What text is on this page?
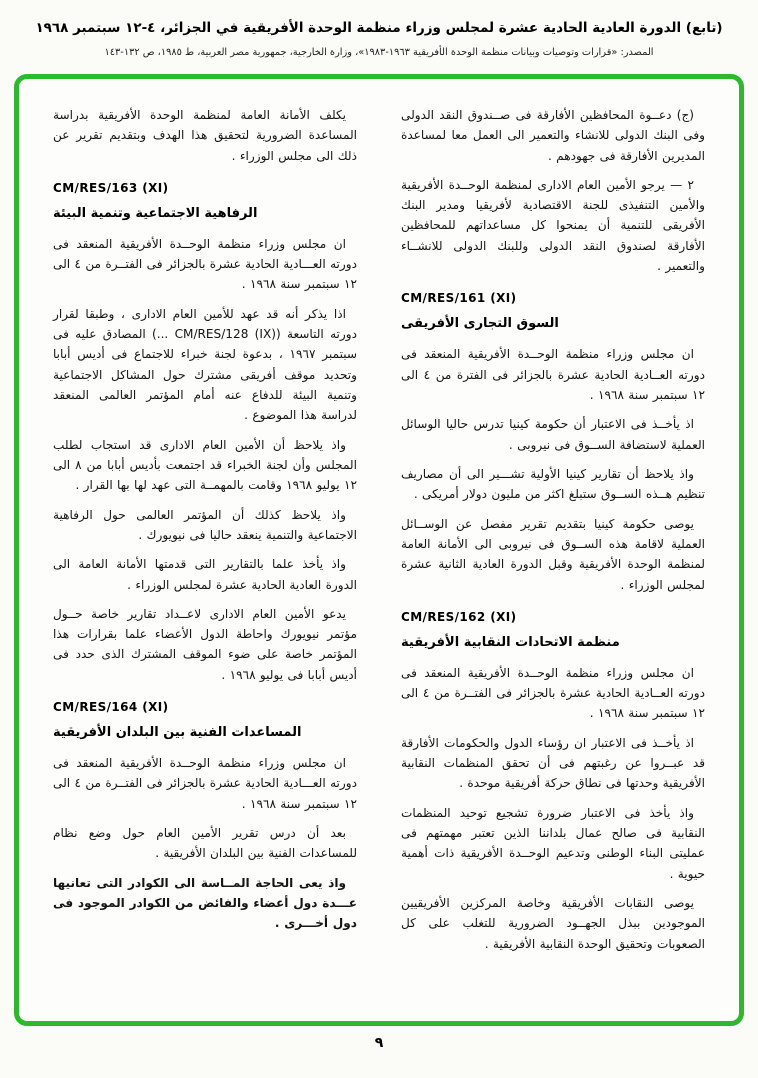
(تابع) الدورة العادية الحادية عشرة لمجلس وزراء منظمة الوحدة الأفريقية في الجزائر، ٤-١٢ سبتمبر ١٩٦٨
المصدر: «قرارات وتوصيات وبيانات منظمة الوحدة الأفريقية ١٩٦٣-١٩٨٣»، وزارة الخارجية، جمهورية مصر العربية، ط ١٩٨٥، ص ١٣٢-١٤٣
(ج) دعــوة المحافظين الأفارقة فى صــندوق النقد الدولى وفى البنك الدولى للانشاء والتعمير الى العمل معا لمساعدة المديرين الأفارقة فى جهودهم .
٢ — يرجو الأمين العام الادارى لمنظمة الوحــدة الأفريقية والأمين التنفيذى للجنة الاقتصادية لأفريقيا ومدير البنك الأفريقى للتنمية أن يمنحوا كل مساعداتهم للمحافظين الأفارقة لصندوق النقد الدولى وللبنك الدولى للانشــاء والتعمير .
CM/RES/161 (XI)
السوق التجارى الأفريقى
ان مجلس وزراء منظمة الوحــدة الأفريقية المنعقد فى دورته العــادية الحادية عشرة بالجزائر فى الفترة من ٤ الى ١٢ سبتمبر سنة ١٩٦٨ .
اذ يأخــذ فى الاعتبار أن حكومة كينيا تدرس حاليا الوسائل العملية لاستضافة الســوق فى نيروبى .
واذ يلاحظ أن تقارير كينيا الأولية تشـــير الى أن مصاريف تنظيم هــذه الســوق ستبلغ اكثر من مليون دولار أمريكى .
يوصى حكومة كينيا بتقديم تقرير مفصل عن الوســائل العملية لاقامة هذه الســوق فى نيروبى الى الأمانة العامة لمنظمة الوحدة الأفريقية وقبل الدورة العادية الثانية عشرة لمجلس الوزراء .
CM/RES/162 (XI)
منظمة الاتحادات النقابية الأفريقية
ان مجلس وزراء منظمة الوحــدة الأفريقية المنعقد فى دورته العــادية الحادية عشرة بالجزائر فى الفتــرة من ٤ الى ١٢ سبتمبر سنة ١٩٦٨ .
اذ يأخــذ فى الاعتبار ان رؤساء الدول والحكومات الأفارقة قد عبــروا عن رغبتهم فى أن تحقق المنظمات النقابية الأفريقية وحدتها فى نطاق حركة أفريقية موحدة .
واذ يأخذ فى الاعتبار ضرورة تشجيع توحيد المنظمات النقابية فى صالح عمال بلداننا الذين تعتبر مهمتهم فى عمليتى البناء الوطنى وتدعيم الوحــدة الأفريقية ذات أهمية حيوية .
يوصى النقابات الأفريقية وخاصة المركزين الأفريقيين الموجودين ببذل الجهــود الضرورية للتغلب على كل الصعوبات وتحقيق الوحدة النقابية الأفريقية .
يكلف الأمانة العامة لمنظمة الوحدة الأفريقية بدراسة المساعدة الضرورية لتحقيق هذا الهدف وبتقديم تقرير عن ذلك الى مجلس الوزراء .
CM/RES/163 (XI)
الرفاهية الاجتماعية وتنمية البيئة
ان مجلس وزراء منظمة الوحــدة الأفريقية المنعقد فى دورته العـــادية الحادية عشرة بالجزائر فى الفتــرة من ٤ الى ١٢ سبتمبر سنة ١٩٦٨ .
اذا يذكر أنه قد عهد للأمين العام الادارى ، وطبقا لقرار دورته التاسعة (CM/RES/128 (IX) ...) المصادق عليه فى سبتمبر ١٩٦٧ ، بدعوة لجنة خبراء للاجتماع فى أديس أبابا وتحديد موقف أفريقى مشترك حول المشاكل الاجتماعية وتنمية البيئة للدفاع عنه أمام المؤتمر العالمى المنعقد لدراسة هذا الموضوع .
واذ يلاحظ أن الأمين العام الادارى قد استجاب لطلب المجلس وأن لجنة الخبراء قد اجتمعت بأديس أبابا من ٨ الى ١٢ يوليو ١٩٦٨ وقامت بالمهمــة التى عهد لها بها القرار .
واذ يلاحظ كذلك أن المؤتمر العالمى حول الرفاهية الاجتماعية والتنمية ينعقد حاليا فى نيويورك .
واذ يأخذ علما بالتقارير التى قدمتها الأمانة العامة الى الدورة العادية الحادية عشرة لمجلس الوزراء .
يدعو الأمين العام الادارى لاعــداد تقارير خاصة حــول مؤتمر نيويورك واحاطة الدول الأعضاء علما بقرارات هذا المؤتمر خاصة على ضوء الموقف المشترك الذى حدد فى أديس أبابا فى يوليو ١٩٦٨ .
CM/RES/164 (XI)
المساعدات الفنية بين البلدان الأفريقية
ان مجلس وزراء منظمة الوحــدة الأفريقية المنعقد فى دورته العـــادية الحادية عشرة بالجزائر فى الفتــرة من ٤ الى ١٢ سبتمبر سنة ١٩٦٨ .
بعد أن درس تقرير الأمين العام حول وضع نظام للمساعدات الفنية بين البلدان الأفريقية .
واذ يعى الحاجة المــاسة الى الكوادر التى تعانيها عـــدة دول أعضاء والفائض من الكوادر الموجود فى دول أخـــرى .
٩
